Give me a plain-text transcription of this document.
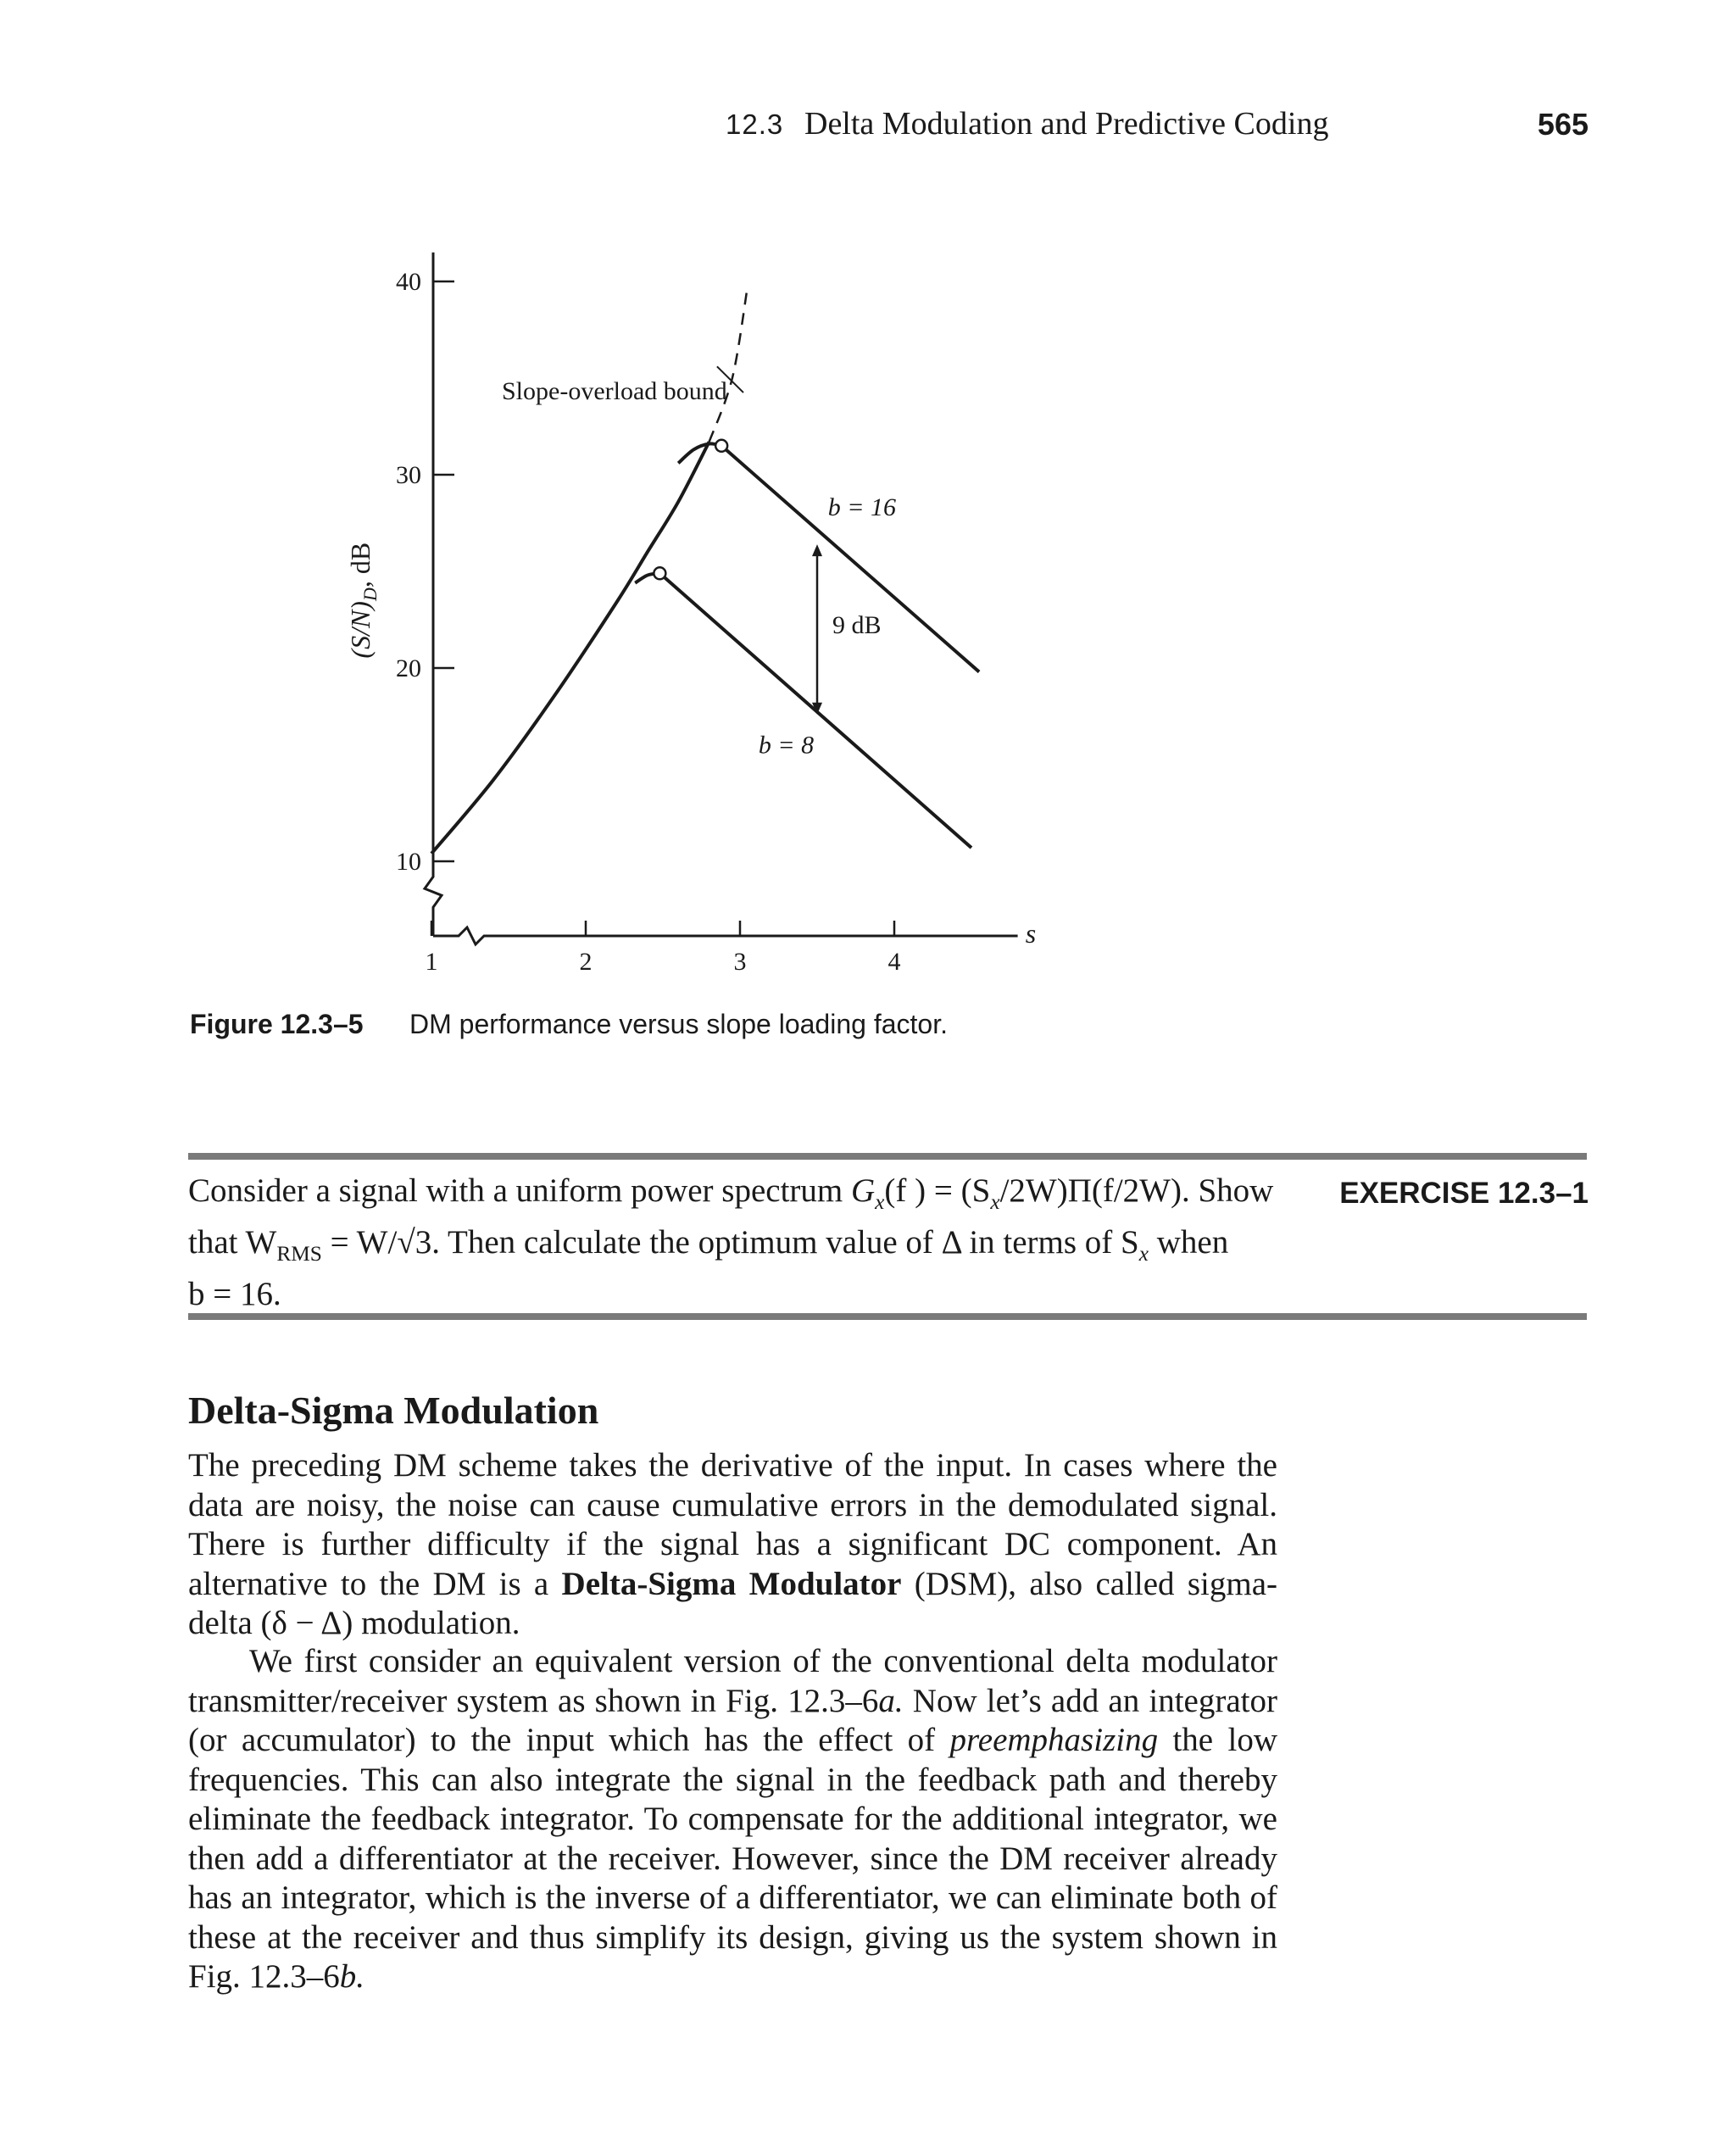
12.3 Delta Modulation and Predictive Coding	565
10
20
30
40
1	2	3	4
s
$(S/N)_D$, dB
9 dB
b = 16
b = 8
Slope-overload bound
Figure 12.3–5 DM performance versus slope loading factor.
Consider a signal with a uniform power spectrum $G_x(f$ ) = $(S_x/2W)\Pi(f/2W)$. Show
that $W_{RMS} = W/√3$. Then calculate the optimum value of Δ in terms of $S_x$ when
b = 16.
EXERCISE 12.3–1
Delta-Sigma Modulation

The preceding DM scheme takes the derivative of the input. In cases where the data are noisy, the noise can cause cumulative errors in the demodulated signal. There is further difficulty if the signal has a significant DC component. An alternative to the DM is a Delta-Sigma Modulator (DSM), also called sigma-delta (δ − Δ) modulation.

We first consider an equivalent version of the conventional delta modulator transmitter/receiver system as shown in Fig. 12.3–6a. Now let’s add an integrator (or accumulator) to the input which has the effect of preemphasizing the low frequencies. This can also integrate the signal in the feedback path and thereby eliminate the feedback integrator. To compensate for the additional integrator, we then add a differentiator at the receiver. However, since the DM receiver already has an integrator, which is the inverse of a differentiator, we can eliminate both of these at the receiver and thus simplify its design, giving us the system shown in Fig. 12.3–6b.
